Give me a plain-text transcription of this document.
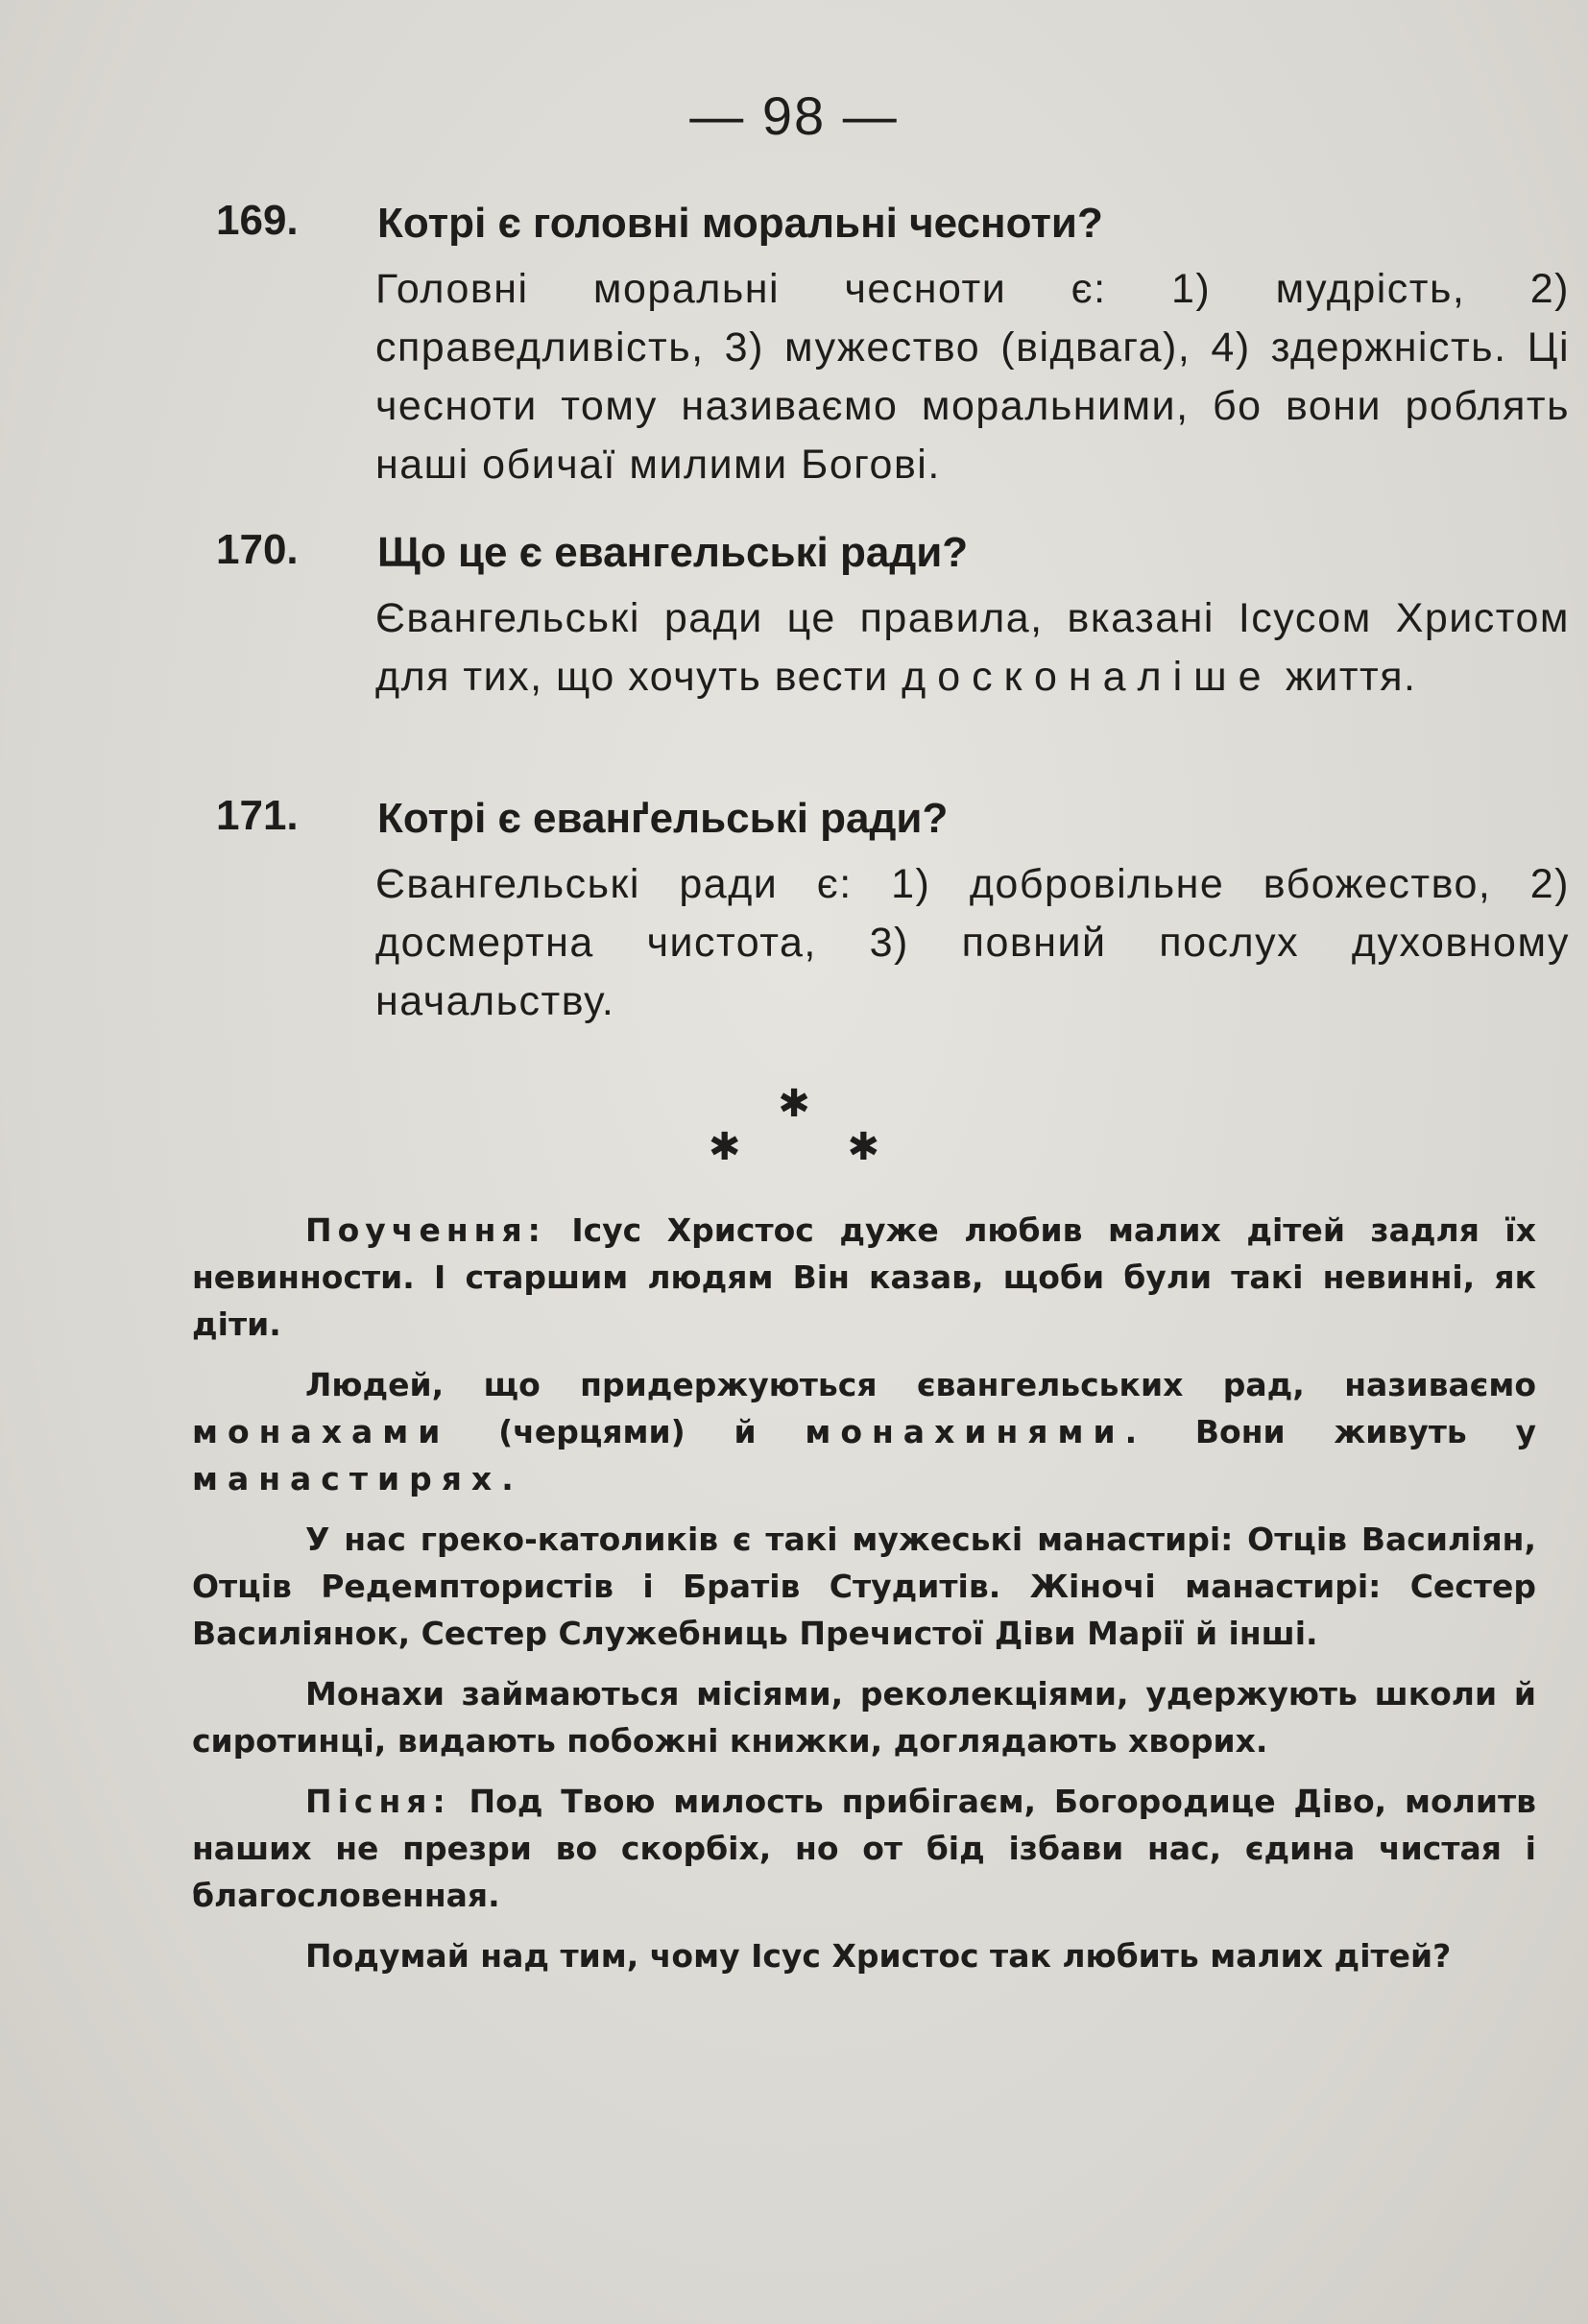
— 98 —
169. Котрі є головні моральні чесноти?
Головні моральні чесноти є: 1) мудрість, 2) справедливість, 3) мужество (відвага), 4) здержність. Ці чесноти тому називаємо моральними, бо вони роблять наші обичаї милими Богові.
170. Що це є евангельські ради?
Євангельські ради це правила, вказані Ісусом Христом для тих, що хочуть вести досконаліше життя.
171. Котрі є еванґельські ради?
Євангельські ради є: 1) добровільне вбожество, 2) досмертна чистота, 3) повний послух духовному начальству.
✱
✱          ✱

Поучення: Ісус Христос дуже любив малих дітей задля їх невинности. І старшим людям Він казав, щоби були такі невинні, як діти.

Людей, що придержуються євангельських рад, називаємо монахами (черцями) й монахинями. Вони живуть у манастирях.

У нас греко-католиків є такі мужеські манастирі: Отців Василіян, Отців Редемптористів і Братів Студитів. Жіночі манастирі: Сестер Василіянок, Сестер Служебниць Пречистої Діви Марії й інші.

Монахи займаються місіями, реколекціями, удержують школи й сиротинці, видають побожні книжки, доглядають хворих.

Пісня: Под Твою милость прибігаєм, Богородице Діво, молитв наших не презри во скорбіх, но от бід ізбави нас, єдина чистая і благословенная.

Подумай над тим, чому Ісус Христос так любить малих дітей?
